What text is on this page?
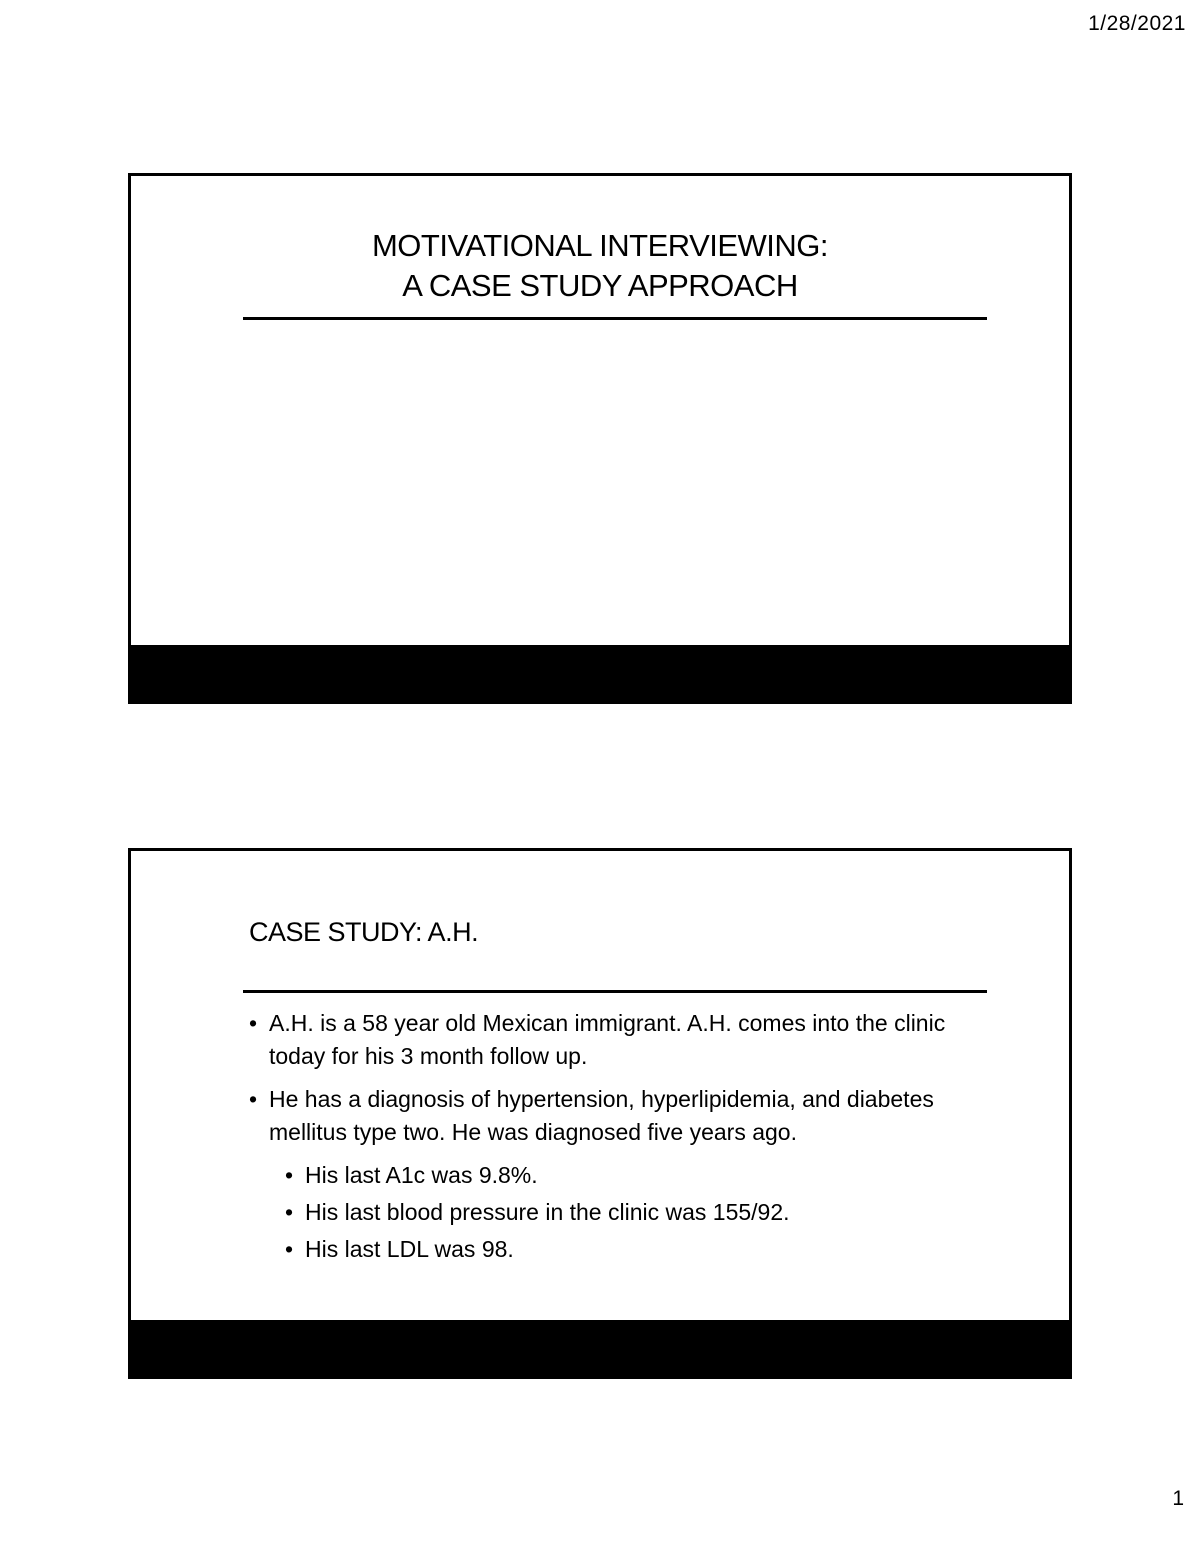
1/28/2021
MOTIVATIONAL INTERVIEWING:
A CASE STUDY APPROACH
CASE STUDY: A.H.
• A.H. is a 58 year old Mexican immigrant. A.H. comes into the clinic today for his 3 month follow up.
• He has a diagnosis of hypertension, hyperlipidemia, and diabetes mellitus type two. He was diagnosed five years ago.
• His last A1c was 9.8%.
• His last blood pressure in the clinic was 155/92.
• His last LDL was 98.
1
